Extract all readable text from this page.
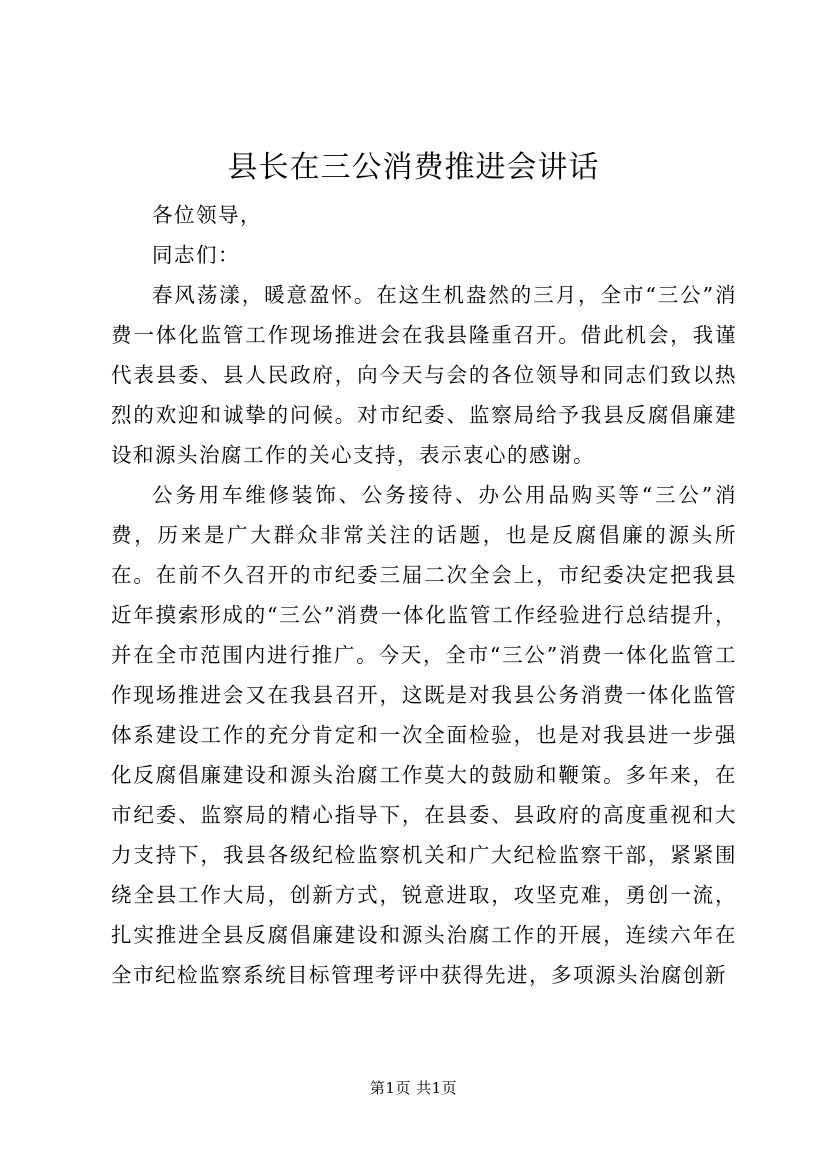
县长在三公消费推进会讲话

各位领导，

同志们：

春风荡漾，暖意盈怀。在这生机盎然的三月，全市“三公”消费一体化监管工作现场推进会在我县隆重召开。借此机会，我谨代表县委、县人民政府，向今天与会的各位领导和同志们致以热烈的欢迎和诚挚的问候。对市纪委、监察局给予我县反腐倡廉建设和源头治腐工作的关心支持，表示衷心的感谢。

公务用车维修装饰、公务接待、办公用品购买等“三公”消费，历来是广大群众非常关注的话题，也是反腐倡廉的源头所在。在前不久召开的市纪委三届二次全会上，市纪委决定把我县近年摸索形成的“三公”消费一体化监管工作经验进行总结提升，并在全市范围内进行推广。今天，全市“三公”消费一体化监管工作现场推进会又在我县召开，这既是对我县公务消费一体化监管体系建设工作的充分肯定和一次全面检验，也是对我县进一步强化反腐倡廉建设和源头治腐工作莫大的鼓励和鞭策。多年来，在市纪委、监察局的精心指导下，在县委、县政府的高度重视和大力支持下，我县各级纪检监察机关和广大纪检监察干部，紧紧围绕全县工作大局，创新方式，锐意进取，攻坚克难，勇创一流，扎实推进全县反腐倡廉建设和源头治腐工作的开展，连续六年在全市纪检监察系统目标管理考评中获得先进，多项源头治腐创新

第1页 共1页
